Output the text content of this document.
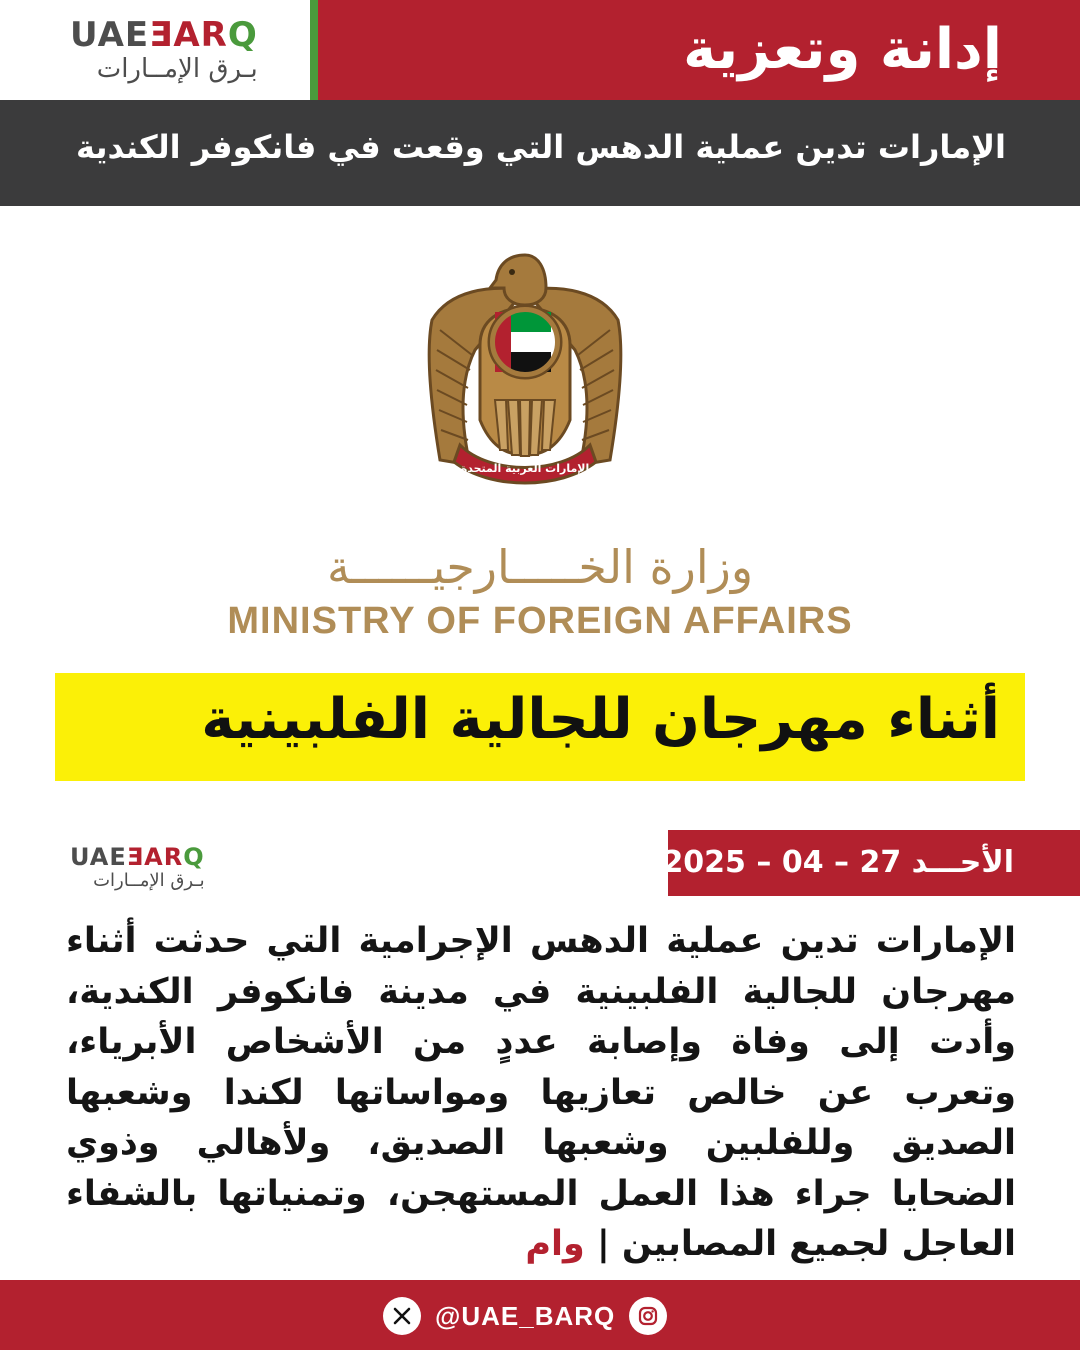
UAEƎARQ
بـرق الإمــارات	إدانة وتعزية
الإمارات تدين عملية الدهس التي وقعت في فانكوفر الكندية
الإمارات العربية المتحدة
وزارة الخـــــارجيــــــة
MINISTRY OF FOREIGN AFFAIRS
أثناء مهرجان للجالية الفلبينية
UAEƎARQ
بـرق الإمــارات
الأحـــد 27 – 04 – 2025
الإمارات تدين عملية الدهس الإجرامية التي حدثت أثناء مهرجان للجالية الفلبينية في مدينة فانكوفر الكندية، وأدت إلى وفاة وإصابة عددٍ من الأشخاص الأبرياء، وتعرب عن خالص تعازيها ومواساتها لكندا وشعبها الصديق وللفلبين وشعبها الصديق، ولأهالي وذوي الضحايا جراء هذا العمل المستهجن، وتمنياتها بالشفاء العاجل لجميع المصابين | وام
@UAE_BARQ
